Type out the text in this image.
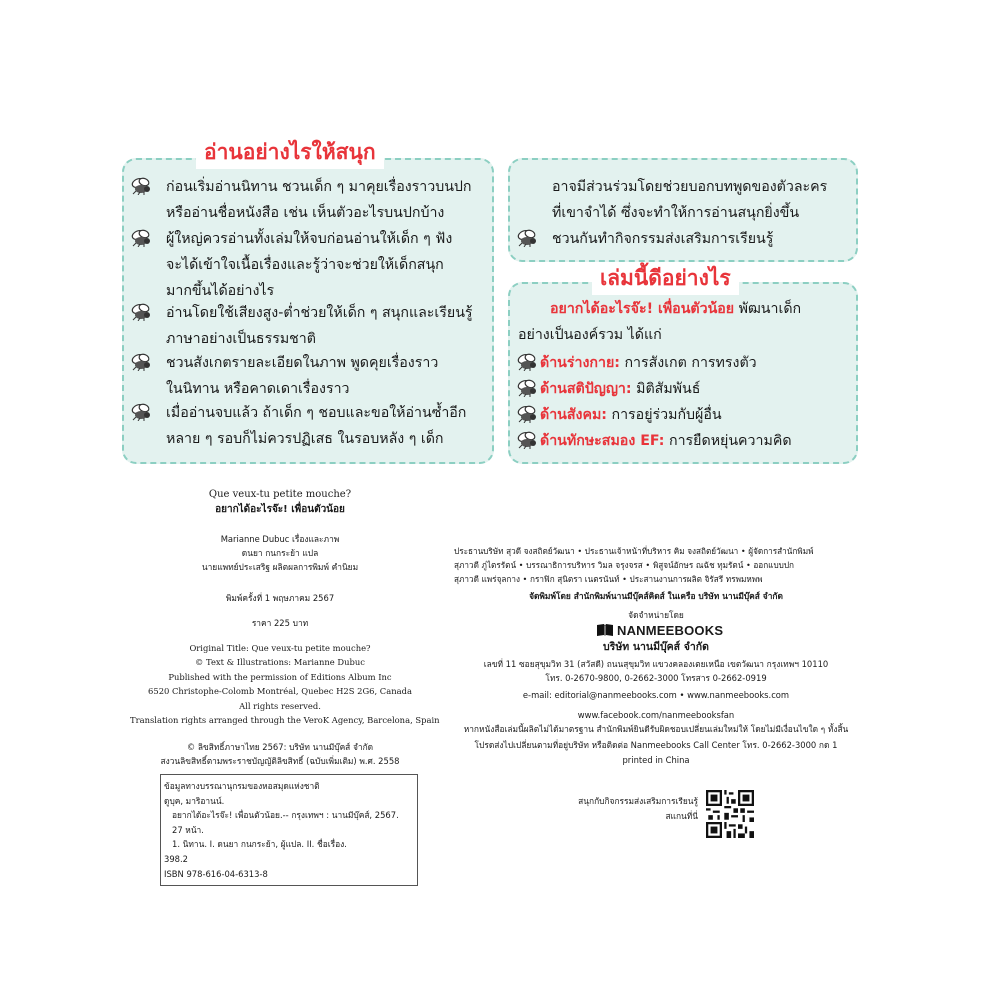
อ่านอย่างไรให้สนุก
ก่อนเริ่มอ่านนิทาน ชวนเด็ก ๆ มาคุยเรื่องราวบนปก
หรืออ่านชื่อหนังสือ เช่น เห็นตัวอะไรบนปกบ้าง
ผู้ใหญ่ควรอ่านทั้งเล่มให้จบก่อนอ่านให้เด็ก ๆ ฟัง
จะได้เข้าใจเนื้อเรื่องและรู้ว่าจะช่วยให้เด็กสนุก
มากขึ้นได้อย่างไร
อ่านโดยใช้เสียงสูง-ต่ำช่วยให้เด็ก ๆ สนุกและเรียนรู้
ภาษาอย่างเป็นธรรมชาติ
ชวนสังเกตรายละเอียดในภาพ พูดคุยเรื่องราว
ในนิทาน หรือคาดเดาเรื่องราว
เมื่ออ่านจบแล้ว ถ้าเด็ก ๆ ชอบและขอให้อ่านซ้ำอีก
หลาย ๆ รอบก็ไม่ควรปฏิเสธ ในรอบหลัง ๆ เด็ก
อาจมีส่วนร่วมโดยช่วยบอกบทพูดของตัวละคร
ที่เขาจำได้ ซึ่งจะทำให้การอ่านสนุกยิ่งขึ้น
ชวนกันทำกิจกรรมส่งเสริมการเรียนรู้
เล่มนี้ดีอย่างไร
อยากได้อะไรจ๊ะ! เพื่อนตัวน้อย พัฒนาเด็ก
อย่างเป็นองค์รวม ได้แก่
ด้านร่างกาย: การสังเกต การทรงตัว
ด้านสติปัญญา: มิติสัมพันธ์
ด้านสังคม: การอยู่ร่วมกับผู้อื่น
ด้านทักษะสมอง EF: การยืดหยุ่นความคิด
Que veux-tu petite mouche?
อยากได้อะไรจ๊ะ! เพื่อนตัวน้อย
Marianne Dubuc เรื่องและภาพ
ดนยา กนกระย้า แปล
นายแพทย์ประเสริฐ ผลิตผลการพิมพ์ คำนิยม
พิมพ์ครั้งที่ 1 พฤษภาคม 2567
ราคา 225 บาท
Original Title: Que veux-tu petite mouche?
© Text & Illustrations: Marianne Dubuc
Published with the permission of Editions Album Inc
6520 Christophe-Colomb Montréal, Quebec H2S 2G6, Canada
All rights reserved.
Translation rights arranged through the VeroK Agency, Barcelona, Spain
© ลิขสิทธิ์ภาษาไทย 2567: บริษัท นานมีบุ๊คส์ จำกัด
สงวนลิขสิทธิ์ตามพระราชบัญญัติลิขสิทธิ์ (ฉบับเพิ่มเติม) พ.ศ. 2558
ข้อมูลทางบรรณานุกรมของหอสมุดแห่งชาติ
ดูบุค, มาริอานน์.
อยากได้อะไรจ๊ะ! เพื่อนตัวน้อย.-- กรุงเทพฯ : นานมีบุ๊คส์, 2567.
27 หน้า.
1. นิทาน. I. ดนยา กนกระย้า, ผู้แปล. II. ชื่อเรื่อง.
398.2
ISBN 978-616-04-6313-8
ประธานบริษัท สุวดี จงสถิตย์วัฒนา • ประธานเจ้าหน้าที่บริหาร คิม จงสถิตย์วัฒนา • ผู้จัดการสำนักพิมพ์
สุภาวดี ภู่ไตรรัตน์ • บรรณาธิการบริหาร วิมล จรุงจรส • พิสูจน์อักษร ณฉัช ทุมรัตน์ • ออกแบบปก
สุภาวดี แพร่จุลกาง • กราฟิก สุนิตรา เนตรนันท์ • ประสานงานการผลิต จิรัสรี ทรพมหพพ
จัดพิมพ์โดย สำนักพิมพ์นานมีบุ๊คส์คิดส์ ในเครือ บริษัท นานมีบุ๊คส์ จำกัด
จัดจำหน่ายโดย
NANMEEBOOKS
บริษัท นานมีบุ๊คส์ จำกัด
เลขที่ 11 ซอยสุขุมวิท 31 (สวัสดี) ถนนสุขุมวิท แขวงคลองเตยเหนือ เขตวัฒนา กรุงเทพฯ 10110
โทร. 0-2670-9800, 0-2662-3000 โทรสาร 0-2662-0919
e-mail: editorial@nanmeebooks.com • www.nanmeebooks.com
www.facebook.com/nanmeebooksfan
หากหนังสือเล่มนี้ผลิตไม่ได้มาตรฐาน สำนักพิมพ์ยินดีรับผิดชอบเปลี่ยนเล่มใหม่ให้ โดยไม่มีเงื่อนไขใด ๆ ทั้งสิ้น
โปรดส่งไปเปลี่ยนตามที่อยู่บริษัท หรือติดต่อ Nanmeebooks Call Center โทร. 0-2662-3000 กด 1
printed in China
สนุกกับกิจกรรมส่งเสริมการเรียนรู้
สแกนที่นี่
